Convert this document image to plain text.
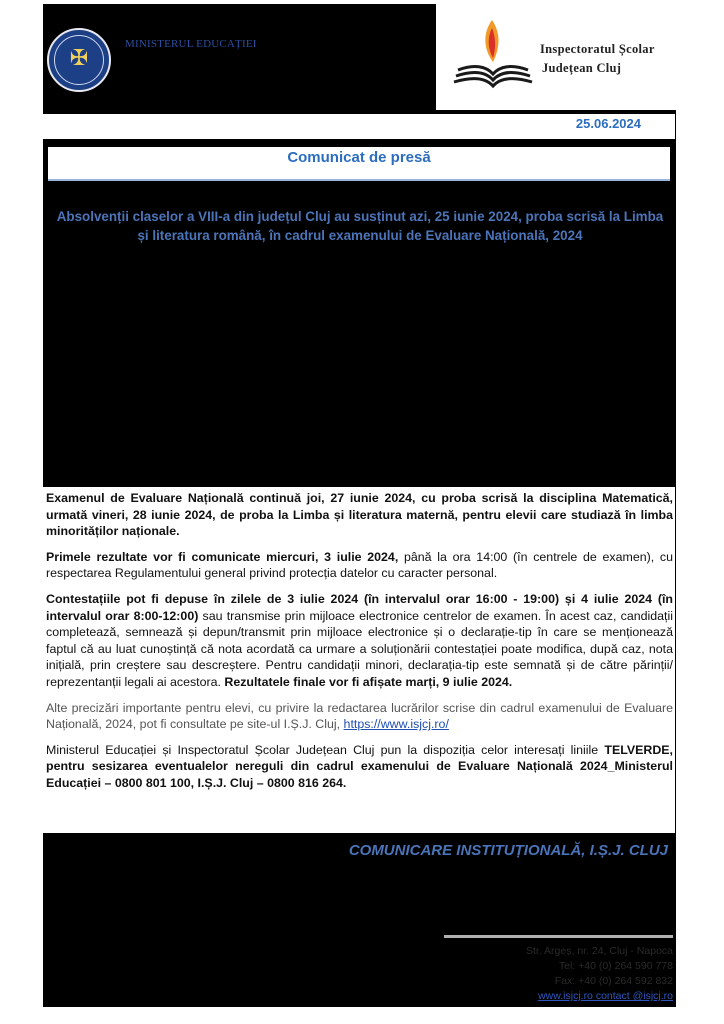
✠
MINISTERUL EDUCAȚIEI	Inspectoratul Școlar
Județean Cluj
25.06.2024
Comunicat de presă
Absolvenții claselor a VIII-a din județul Cluj au susținut azi, 25 iunie 2024, proba scrisă la Limba și literatura română, în cadrul examenului de Evaluare Națională, 2024

Examenul de Evaluare Națională continuă joi, 27 iunie 2024, cu proba scrisă la disciplina Matematică, urmată vineri, 28 iunie 2024, de proba la Limba și literatura maternă, pentru elevii care studiază în limba minorităților naționale.

Primele rezultate vor fi comunicate miercuri, 3 iulie 2024, până la ora 14:00 (în centrele de examen), cu respectarea Regulamentului general privind protecția datelor cu caracter personal.

Contestațiile pot fi depuse în zilele de 3 iulie 2024 (în intervalul orar 16:00 - 19:00) și 4 iulie 2024 (în intervalul orar 8:00-12:00) sau transmise prin mijloace electronice centrelor de examen. În acest caz, candidații completează, semnează și depun/transmit prin mijloace electronice și o declarație-tip în care se menționează faptul că au luat cunoștință că nota acordată ca urmare a soluționării contestației poate modifica, după caz, nota inițială, prin creștere sau descreștere. Pentru candidații minori, declarația-tip este semnată și de către părinții/ reprezentanții legali ai acestora. Rezultatele finale vor fi afișate marți, 9 iulie 2024.

Alte precizări importante pentru elevi, cu privire la redactarea lucrărilor scrise din cadrul examenului de Evaluare Națională, 2024, pot fi consultate pe site-ul I.Ș.J. Cluj, https://www.isjcj.ro/

Ministerul Educației și Inspectoratul Școlar Județean Cluj pun la dispoziția celor interesați liniile TELVERDE, pentru sesizarea eventualelor nereguli din cadrul examenului de Evaluare Națională 2024_Ministerul Educației – 0800 801 100, I.Ș.J. Cluj – 0800 816 264.

COMUNICARE INSTITUȚIONALĂ, I.Ș.J. CLUJ
Str. Argeș, nr. 24, Cluj - Napoca
Tel: +40 (0) 264 590 778
Fax: +40 (0) 264 592 832
www.isjcj.ro contact @isjcj.ro
